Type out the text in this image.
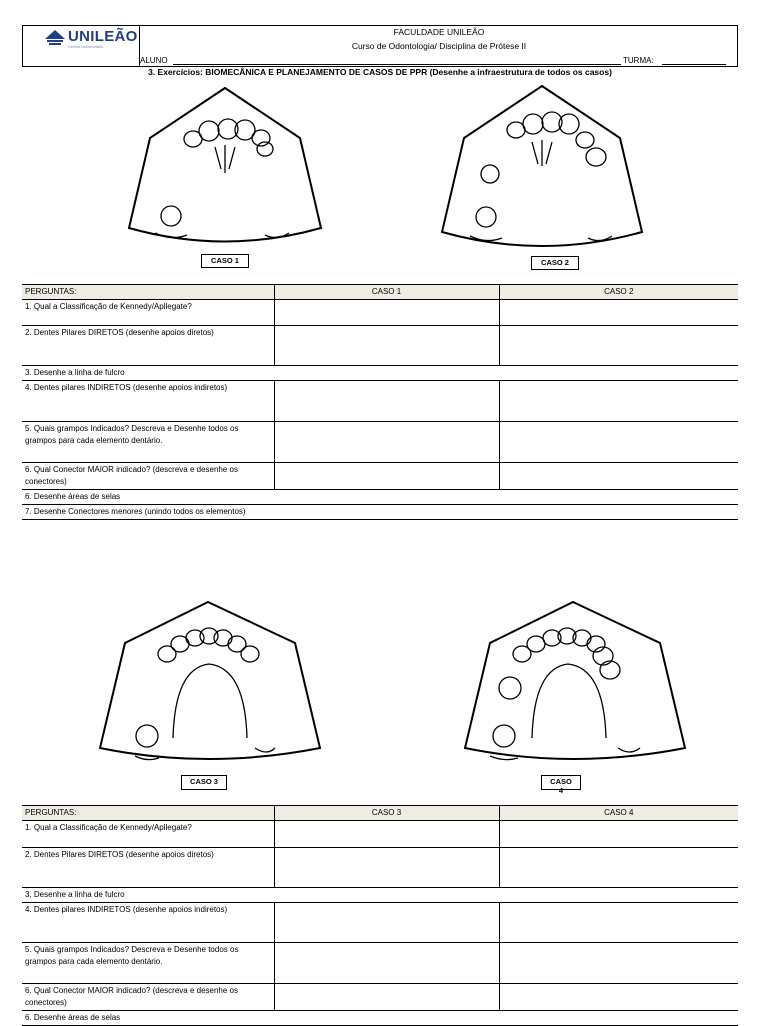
UNILEÃO
Centro Universitário
FACULDADE UNILEÃO
Curso de Odontologia/ Disciplina de Prótese II
ALUNO	TURMA:
3. Exercícios: BIOMECÂNICA E PLANEJAMENTO DE CASOS DE PPR (Desenhe a infraestrutura de todos os casos)
CASO 1	CASO 2
PERGUNTAS:	CASO 1	CASO 2
1. Qual a Classificação de Kennedy/Apllegate?		
2. Dentes Pilares DIRETOS (desenhe apoios diretos)		
3. Desenhe a linha de fulcro		
4. Dentes pilares INDIRETOS (desenhe apoios indiretos)		
5. Quais grampos Indicados? Descreva e Desenhe todos os grampos para cada elemento dentário.		
6. Qual Conector MAIOR indicado? (descreva e desenhe os conectores)		
6. Desenhe áreas de selas		
7. Desenhe Conectores menores (unindo todos os elementos)		
CASO 3	CASO 4
PERGUNTAS:	CASO 3	CASO 4
1. Qual a Classificação de Kennedy/Apllegate?		
2. Dentes Pilares DIRETOS (desenhe apoios diretos)		
3. Desenhe a linha de fulcro		
4. Dentes pilares INDIRETOS (desenhe apoios indiretos)		
5. Quais grampos Indicados? Descreva e Desenhe todos os grampos para cada elemento dentário.		
6. Qual Conector MAIOR indicado? (descreva e desenhe os conectores)		
6. Desenhe áreas de selas		
